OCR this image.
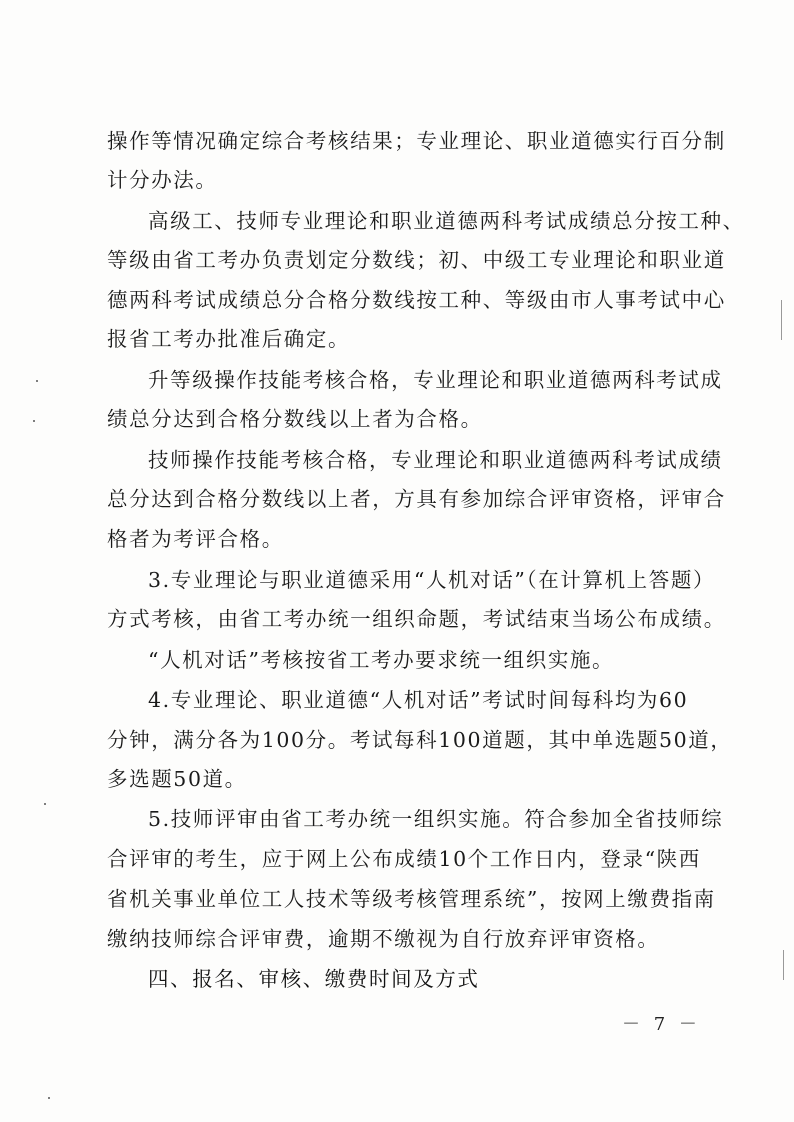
操作等情况确定综合考核结果；专业理论、职业道德实行百分制
计分办法。
高级工、技师专业理论和职业道德两科考试成绩总分按工种、
等级由省工考办负责划定分数线；初、中级工专业理论和职业道
德两科考试成绩总分合格分数线按工种、等级由市人事考试中心
报省工考办批准后确定。
升等级操作技能考核合格，专业理论和职业道德两科考试成
绩总分达到合格分数线以上者为合格。
技师操作技能考核合格，专业理论和职业道德两科考试成绩
总分达到合格分数线以上者，方具有参加综合评审资格，评审合
格者为考评合格。
3.专业理论与职业道德采用“人机对话”（在计算机上答题）
方式考核，由省工考办统一组织命题，考试结束当场公布成绩。
“人机对话”考核按省工考办要求统一组织实施。
4.专业理论、职业道德“人机对话”考试时间每科均为60
分钟，满分各为100分。考试每科100道题，其中单选题50道，
多选题50道。
5.技师评审由省工考办统一组织实施。符合参加全省技师综
合评审的考生，应于网上公布成绩10个工作日内，登录“陕西
省机关事业单位工人技术等级考核管理系统”，按网上缴费指南
缴纳技师综合评审费，逾期不缴视为自行放弃评审资格。
四、报名、审核、缴费时间及方式
－ 7 －
